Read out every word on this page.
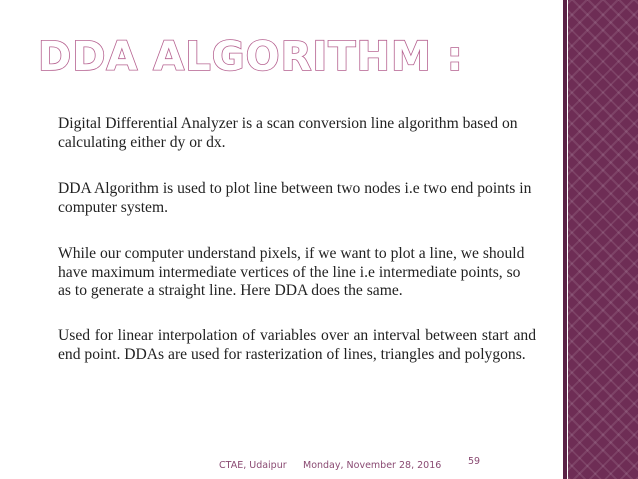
DDA ALGORITHM :
Digital Differential Analyzer is a scan conversion line algorithm based on calculating either dy or dx.
DDA Algorithm is used to plot line between two nodes i.e two end points in computer system.
While our computer understand pixels, if we want to plot a line, we should have maximum intermediate vertices of the line i.e intermediate points, so as to generate a straight line. Here DDA does the same.
Used for linear interpolation of variables over an interval between start and end point. DDAs are used for rasterization of lines, triangles and polygons.
CTAE, Udaipur Monday, November 28, 2016	59
